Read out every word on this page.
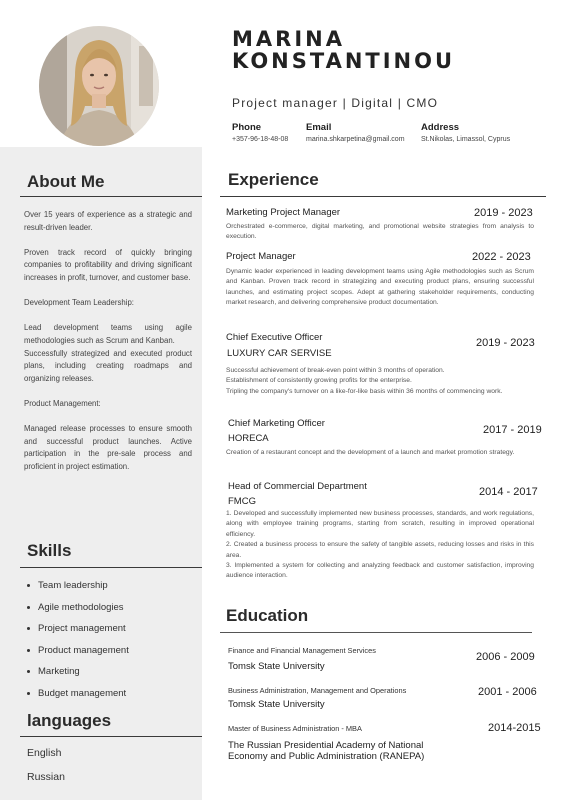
MARINA
KONSTANTINOU
Project manager | Digital | CMO
Phone
+357-96-18-48-08
Email
marina.shkarpetina@gmail.com
Address
St.Nikolas, Limassol, Cyprus
About Me

Over 15 years of experience as a strategic and result-driven leader.

Proven track record of quickly bringing companies to profitability and driving significant increases in profit, turnover, and customer base.

Development Team Leadership:

Lead development teams using agile methodologies such as Scrum and Kanban.
Successfully strategized and executed product plans, including creating roadmaps and organizing releases.

Product Management:

Managed release processes to ensure smooth and successful product launches. Active participation in the pre-sale process and proficient in project estimation.

Skills
Team leadership
Agile methodologies
Project management
Product management
Marketing
Budget management
languages
English
Russian
Experience
Marketing Project Manager	2019 - 2023

Orchestrated e-commerce, digital marketing, and promotional website strategies from analysis to execution.

Project Manager	2022 - 2023

Dynamic leader experienced in leading development teams using Agile methodologies such as Scrum and Kanban. Proven track record in strategizing and executing product plans, ensuring successful launches, and estimating project scopes. Adept at gathering stakeholder requirements, conducting market research, and delivering comprehensive product documentation.

Chief Executive Officer
LUXURY CAR SERVISE
2019 - 2023

Successful achievement of break-even point within 3 months of operation.
Establishment of consistently growing profits for the enterprise.
Tripling the company's turnover on a like-for-like basis within 36 months of commencing work.

Chief Marketing Officer
HORECA
2017 - 2019

Creation of a restaurant concept and the development of a launch and market promotion strategy.

Head of Commercial Department
FMCG
2014 - 2017

1. Developed and successfully implemented new business processes, standards, and work regulations, along with employee training programs, starting from scratch, resulting in improved operational efficiency.
2. Created a business process to ensure the safety of tangible assets, reducing losses and risks in this area.
3. Implemented a system for collecting and analyzing feedback and customer satisfaction, improving audience interaction.

Education
Finance and Financial Management Services
Tomsk State University
2006 - 2009
Business Administration, Management and Operations
Tomsk State University
2001 - 2006
Master of Business Administration - MBA
The Russian Presidential Academy of National Economy and Public Administration (RANEPA)
2014-2015
